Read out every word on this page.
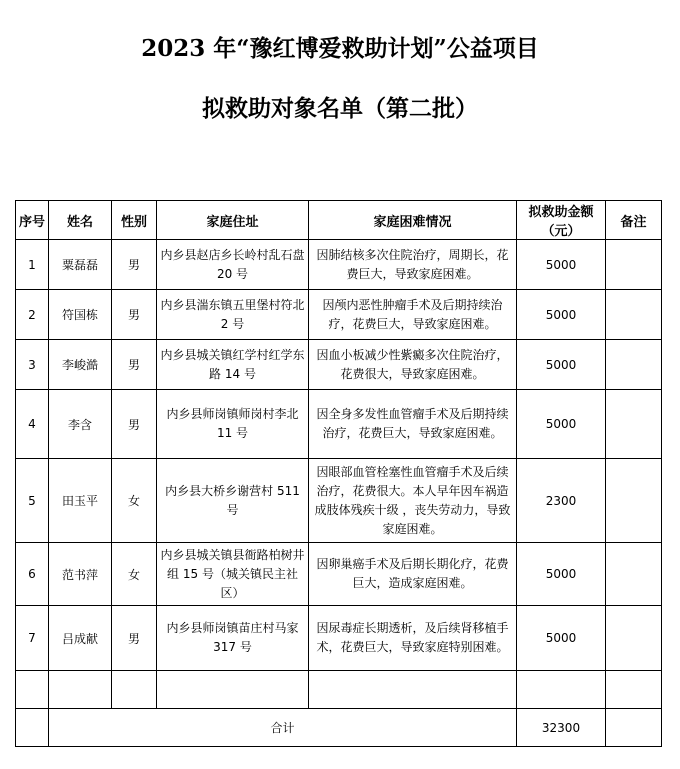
2023 年“豫红博爱救助计划”公益项目
拟救助对象名单（第二批）
序号	姓名	性别	家庭住址	家庭困难情况	拟救助金额（元）	备注
1	粟磊磊	男	内乡县赵店乡长岭村乱石盘 20 号	因肺结核多次住院治疗，周期长，花费巨大，导致家庭困难。	5000	
2	符国栋	男	内乡县湍东镇五里堡村符北 2 号	因颅内恶性肿瘤手术及后期持续治疗，花费巨大，导致家庭困难。	5000	
3	李峻澔	男	内乡县城关镇红学村红学东路 14 号	因血小板减少性紫癜多次住院治疗，花费很大，导致家庭困难。	5000	
4	李含	男	内乡县师岗镇师岗村李北 11 号	因全身多发性血管瘤手术及后期持续治疗，花费巨大，导致家庭困难。	5000	
5	田玉平	女	内乡县大桥乡谢营村 511 号	因眼部血管栓塞性血管瘤手术及后续治疗，花费很大。本人早年因车祸造成肢体残疾十级 ，丧失劳动力，导致家庭困难。	2300	
6	范书萍	女	内乡县城关镇县衙路柏树井组 15 号（城关镇民主社区）	因卵巢癌手术及后期长期化疗，花费巨大，造成家庭困难。	5000	
7	吕成献	男	内乡县师岗镇苗庄村马家 317 号	因尿毒症长期透析，及后续肾移植手术，花费巨大，导致家庭特别困难。	5000	

	合计				32300	
